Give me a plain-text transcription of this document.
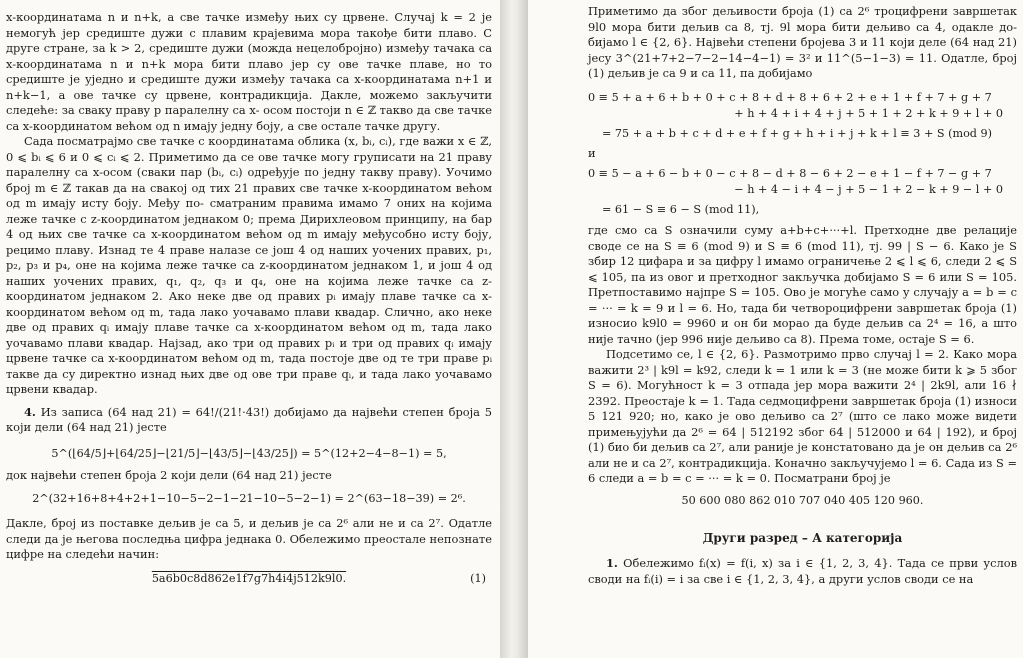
x-координатама n и n+k, а све тачке између њих су црвене. Случај k = 2 је немогућ јер средиште дужи с плавим крајевима мора такође бити плаво. С друге стране, за k > 2, средиште дужи (можда нецелобројно) између тачака са x-координатама n и n+k мора бити плаво јер су ове тачке плаве, но то средиште је уједно и средиште дужи између тачака са x-координатама n+1 и n+k−1, а ове тачке су црвене, контрадикција. Дакле, можемо закључити следеће: за сваку праву p паралелну са x- осом постоји n ∈ ℤ такво да све тачке са x-координатом већом од n имају једну боју, а све остале тачке другу.

Сада посматрајмо све тачке с координатама облика (x, bᵢ, cᵢ), где важи x ∈ ℤ, 0 ⩽ bᵢ ⩽ 6 и 0 ⩽ cᵢ ⩽ 2. Приметимо да се ове тачке могу груписати на 21 праву паралелну са x-осом (сваки пар (bᵢ, cᵢ) одређује по једну такву праву). Уочимо број m ∈ ℤ такав да на свакој од тих 21 правих све тачке x-координатом већом од m имају исту боју. Међу по- сматраним правима имамо 7 оних на којима леже тачке с z-координатом једнаком 0; према Дирихлеовом принципу, на бар 4 од њих све тачке са x-координатом већом од m имају међусобно исту боју, рецимо плаву. Изнад те 4 праве налазе се још 4 од наших уочених правих, p₁, p₂, p₃ и p₄, оне на којима леже тачке са z-координатом једнаком 1, и још 4 од наших уочених правих, q₁, q₂, q₃ и q₄, оне на којима леже тачке са z- координатом једнаком 2. Ако неке две од правих pᵢ имају плаве тачке са x-координатом већом од m, тада лако уочавамо плави квадар. Слично, ако неке две од правих qᵢ имају плаве тачке са x-координатом већом од m, тада лако уочавамо плави квадар. Најзад, ако три од правих pᵢ и три од правих qᵢ имају црвене тачке са x-координатом већом од m, тада постоје две од те три праве pᵢ такве да су директно изнад њих две од ове три праве qᵢ, и тада лако уочавамо црвени квадар.

4. Из записа (64 над 21) = 64!/(21!·43!) добијамо да највећи степен броја 5 који дели (64 над 21) јесте

5^(⌊64/5⌋+⌊64/25⌋−⌊21/5⌋−⌊43/5⌋−⌊43/25⌋) = 5^(12+2−4−8−1) = 5,

док највећи степен броја 2 који дели (64 над 21) јесте

2^(32+16+8+4+2+1−10−5−2−1−21−10−5−2−1) = 2^(63−18−39) = 2⁶.

Дакле, број из поставке дељив је са 5, и дељив је са 2⁶ али не и са 2⁷. Одатле следи да је његова последња цифра једнака 0. Обележимо преостале непознате цифре на следећи начин:

5a6b0c8d862e1f7g7h4i4j512k9l0.	(1)

Приметимо да због дељивости броја (1) са 2⁶ троцифрени завршетак 9l0 мора бити дељив са 8, тј. 9l мора бити дељиво са 4, одакле до- бијамо l ∈ {2, 6}. Највећи степени бројева 3 и 11 који деле (64 над 21) јесу 3^(21+7+2−7−2−14−4−1) = 3² и 11^(5−1−3) = 11. Одатле, број (1) дељив је са 9 и са 11, па добијамо

0 ≡ 5 + a + 6 + b + 0 + c + 8 + d + 8 + 6 + 2 + e + 1 + f + 7 + g + 7

+ h + 4 + i + 4 + j + 5 + 1 + 2 + k + 9 + l + 0

= 75 + a + b + c + d + e + f + g + h + i + j + k + l ≡ 3 + S (mod 9)

и

0 ≡ 5 − a + 6 − b + 0 − c + 8 − d + 8 − 6 + 2 − e + 1 − f + 7 − g + 7

− h + 4 − i + 4 − j + 5 − 1 + 2 − k + 9 − l + 0

= 61 − S ≡ 6 − S (mod 11),

где смо са S означили суму a+b+c+···+l. Претходне две релације своде се на S ≡ 6 (mod 9) и S ≡ 6 (mod 11), тј. 99 | S − 6. Како је S збир 12 цифара и за цифру l имамо ограничење 2 ⩽ l ⩽ 6, следи 2 ⩽ S ⩽ 105, па из овог и претходног закључка добијамо S = 6 или S = 105. Претпоставимо најпре S = 105. Ово је могуће само у случају a = b = c = ··· = k = 9 и l = 6. Но, тада би четвороцифрени завршетак броја (1) износио k9l0 = 9960 и он би морао да буде дељив са 2⁴ = 16, а што није тачно (јер 996 није дељиво са 8). Према томе, остаје S = 6.

Подсетимо се, l ∈ {2, 6}. Размотримо прво случај l = 2. Како мора важити 2³ | k9l = k92, следи k = 1 или k = 3 (не може бити k ⩾ 5 због S = 6). Могућност k = 3 отпада јер мора важити 2⁴ | 2k9l, али 16 ∤ 2392. Преостаје k = 1. Тада седмоцифрени завршетак броја (1) износи 5 121 920; но, како је ово дељиво са 2⁷ (што се лако може видети примењујући да 2⁶ = 64 | 512192 због 64 | 512000 и 64 | 192), и број (1) био би дељив са 2⁷, али раније је констатовано да је он дељив са 2⁶ али не и са 2⁷, контрадикција. Коначно закључујемо l = 6. Сада из S = 6 следи a = b = c = ··· = k = 0. Посматрани број је

50 600 080 862 010 707 040 405 120 960.

Други разред – А категорија

1. Обележимо fᵢ(x) = f(i, x) за i ∈ {1, 2, 3, 4}. Тада се први услов своди на fᵢ(i) = i за све i ∈ {1, 2, 3, 4}, а други услов своди се на
